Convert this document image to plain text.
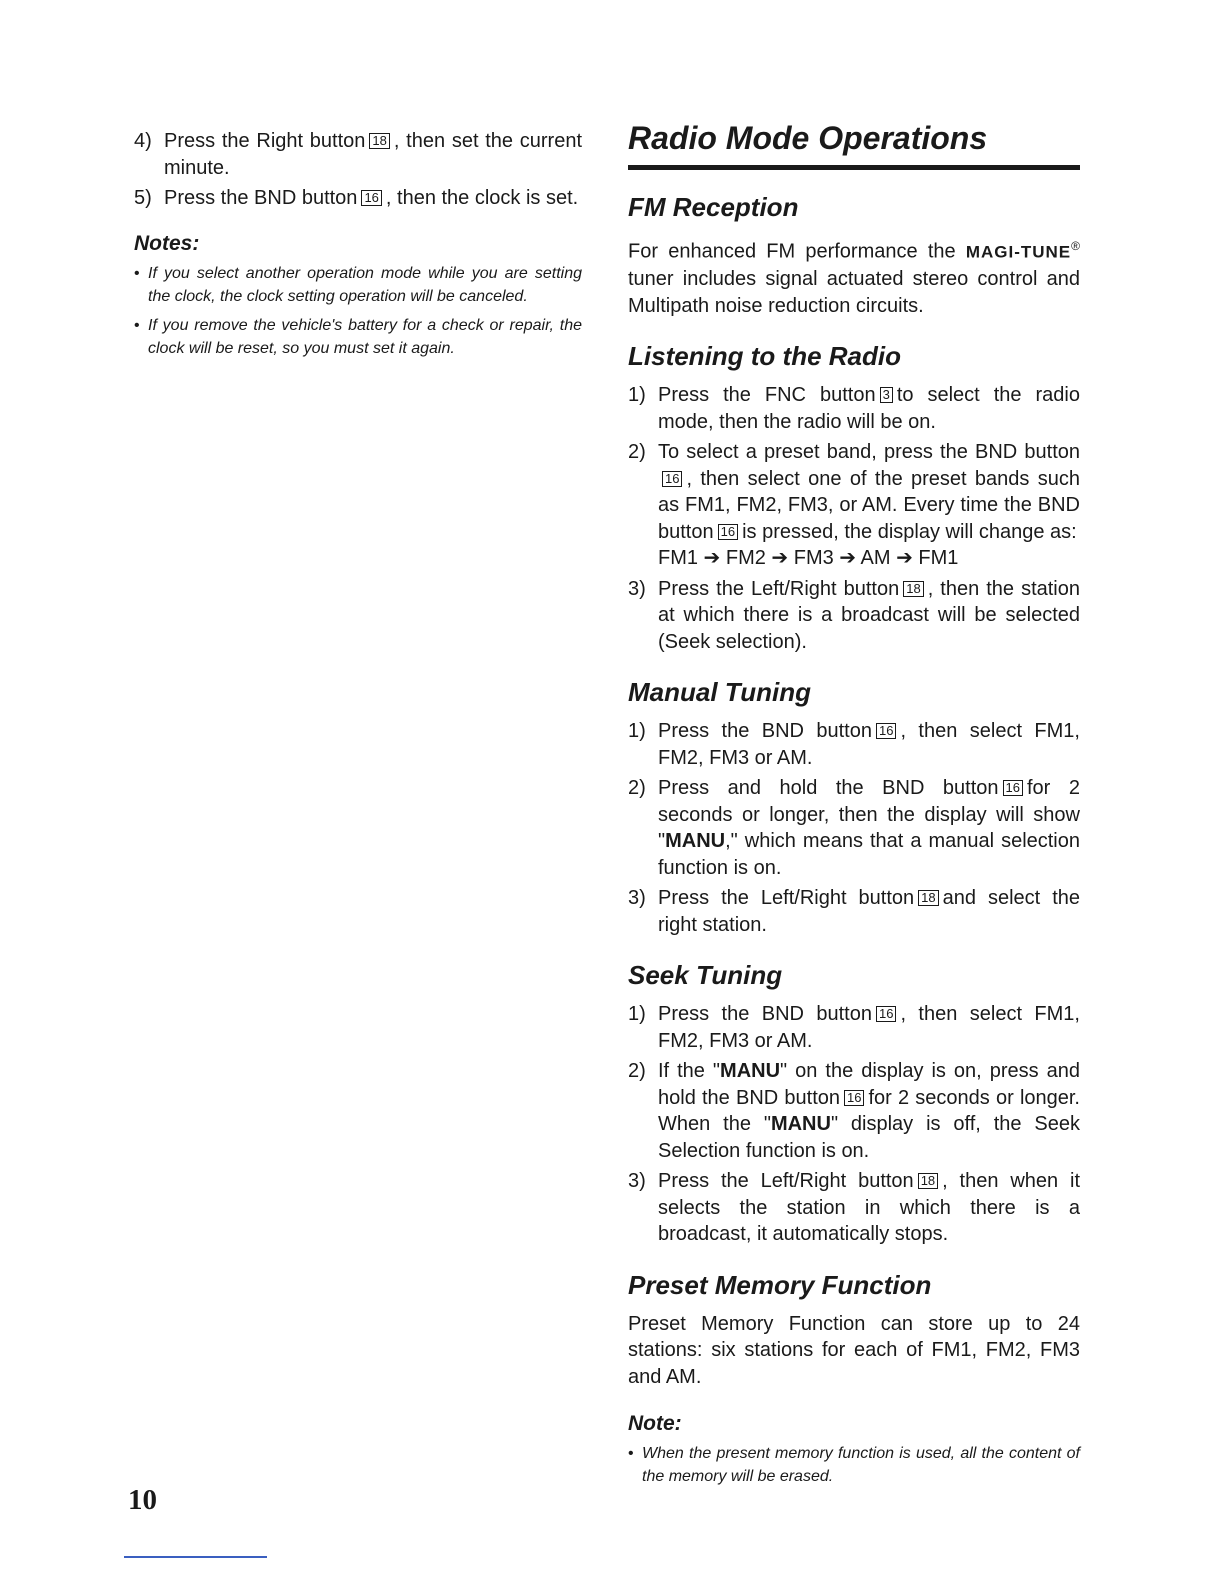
4) Press the Right button 18 , then set the current minute.
5) Press the BND button 16 , then the clock is set.
Notes:
• If you select another operation mode while you are setting the clock, the clock setting operation will be canceled.
• If you remove the vehicle's battery for a check or repair, the clock will be reset, so you must set it again.
Radio Mode Operations
FM Reception

For enhanced FM performance the MAGI-TUNE® tuner includes signal actuated stereo control and Multipath noise reduction circuits.

Listening to the Radio
1) Press the FNC button 3 to select the radio mode, then the radio will be on.
2) To select a preset band, press the BND button16 , then select one of the preset bands such as FM1, FM2, FM3, or AM. Every time the BND button 16 is pressed, the display will change as:
FM1 ➔ FM2 ➔ FM3 ➔ AM ➔ FM1
3) Press the Left/Right button 18 , then the station at which there is a broadcast will be selected (Seek selection).
Manual Tuning
1) Press the BND button 16 , then select FM1, FM2, FM3 or AM.
2) Press and hold the BND button 16 for 2 seconds or longer, then the display will show "MANU," which means that a manual selection function is on.
3) Press the Left/Right button 18 and select the right station.
Seek Tuning
1) Press the BND button 16 , then select FM1, FM2, FM3 or AM.
2) If the "MANU" on the display is on, press and hold the BND button 16 for 2 seconds or longer. When the "MANU" display is off, the Seek Selection function is on.
3) Press the Left/Right button 18 , then when it selects the station in which there is a broadcast, it automatically stops.
Preset Memory Function

Preset Memory Function can store up to 24 stations: six stations for each of FM1, FM2, FM3 and AM.

Note:
• When the present memory function is used, all the content of the memory will be erased.
10
